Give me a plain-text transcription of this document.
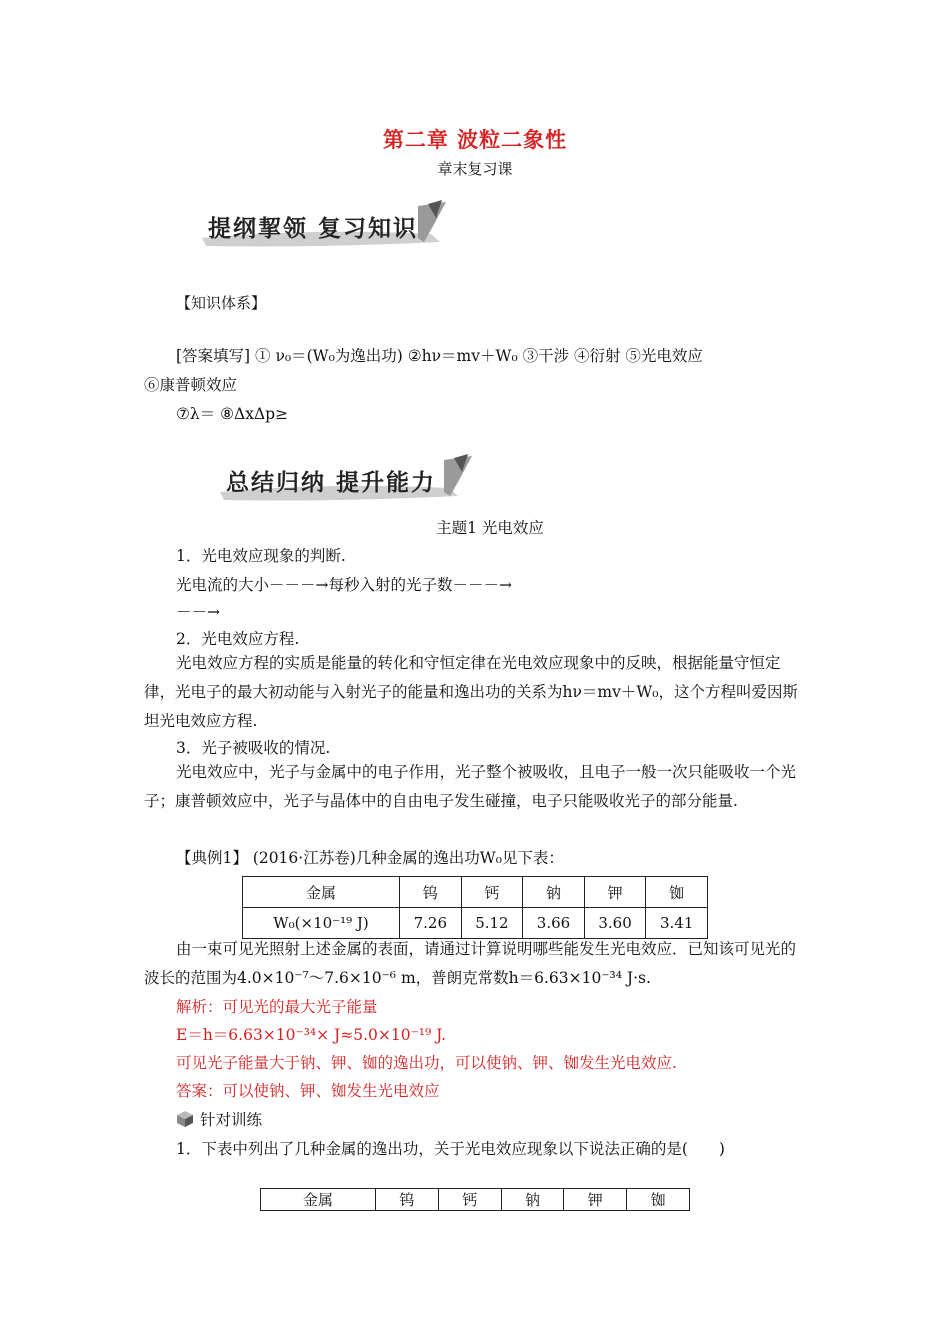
第二章 波粒二象性
章末复习课
提纲挈领 复习知识
【知识体系】
[答案填写] ① ν₀＝(W₀为逸出功) ②hν＝mv＋W₀ ③干涉 ④衍射 ⑤光电效应
⑥康普顿效应
⑦λ＝ ⑧ΔxΔp≥
总结归纳 提升能力
主题1 光电效应
1．光电效应现象的判断.
光电流的大小－－－→每秒入射的光子数－－－→
－－→
2．光电效应方程.
光电效应方程的实质是能量的转化和守恒定律在光电效应现象中的反映，根据能量守恒定律，光电子的最大初动能与入射光子的能量和逸出功的关系为hν＝mv＋W₀，这个方程叫爱因斯坦光电效应方程.
3．光子被吸收的情况.
光电效应中，光子与金属中的电子作用，光子整个被吸收，且电子一般一次只能吸收一个光子；康普顿效应中，光子与晶体中的自由电子发生碰撞，电子只能吸收光子的部分能量.
【典例1】 (2016·江苏卷)几种金属的逸出功W₀见下表：
金属	钨	钙	钠	钾	铷
W₀(×10⁻¹⁹ J)	7.26	5.12	3.66	3.60	3.41
由一束可见光照射上述金属的表面，请通过计算说明哪些能发生光电效应．已知该可见光的波长的范围为4.0×10⁻⁷～7.6×10⁻⁶ m，普朗克常数h＝6.63×10⁻³⁴ J·s.
解析：可见光的最大光子能量
E＝h＝6.63×10⁻³⁴× J≈5.0×10⁻¹⁹ J.
可见光子能量大于钠、钾、铷的逸出功，可以使钠、钾、铷发生光电效应.
答案：可以使钠、钾、铷发生光电效应
针对训练
1．下表中列出了几种金属的逸出功，关于光电效应现象以下说法正确的是(　　)
金属	钨	钙	钠	钾	铷
